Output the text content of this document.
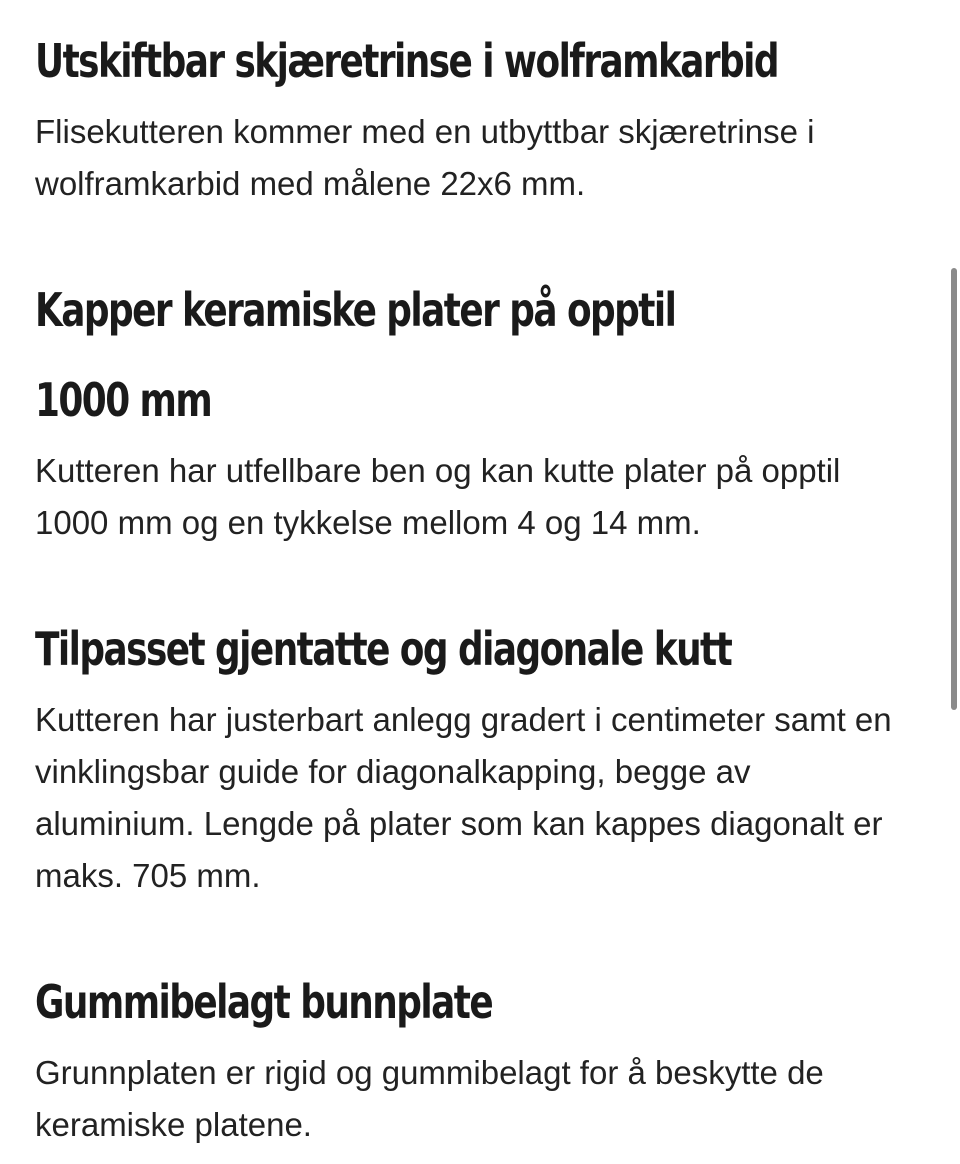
Utskiftbar skjæretrinse i wolframkarbid

Flisekutteren kommer med en utbyttbar skjæretrinse i wolframkarbid med målene 22x6 mm.

Kapper keramiske plater på opptil
1000 mm

Kutteren har utfellbare ben og kan kutte plater på opptil 1000 mm og en tykkelse mellom 4 og 14 mm.

Tilpasset gjentatte og diagonale kutt

Kutteren har justerbart anlegg gradert i centimeter samt en vinklingsbar guide for diagonalkapping, begge av aluminium. Lengde på plater som kan kappes diagonalt er maks. 705 mm.

Gummibelagt bunnplate

Grunnplaten er rigid og gummibelagt for å beskytte de keramiske platene.
